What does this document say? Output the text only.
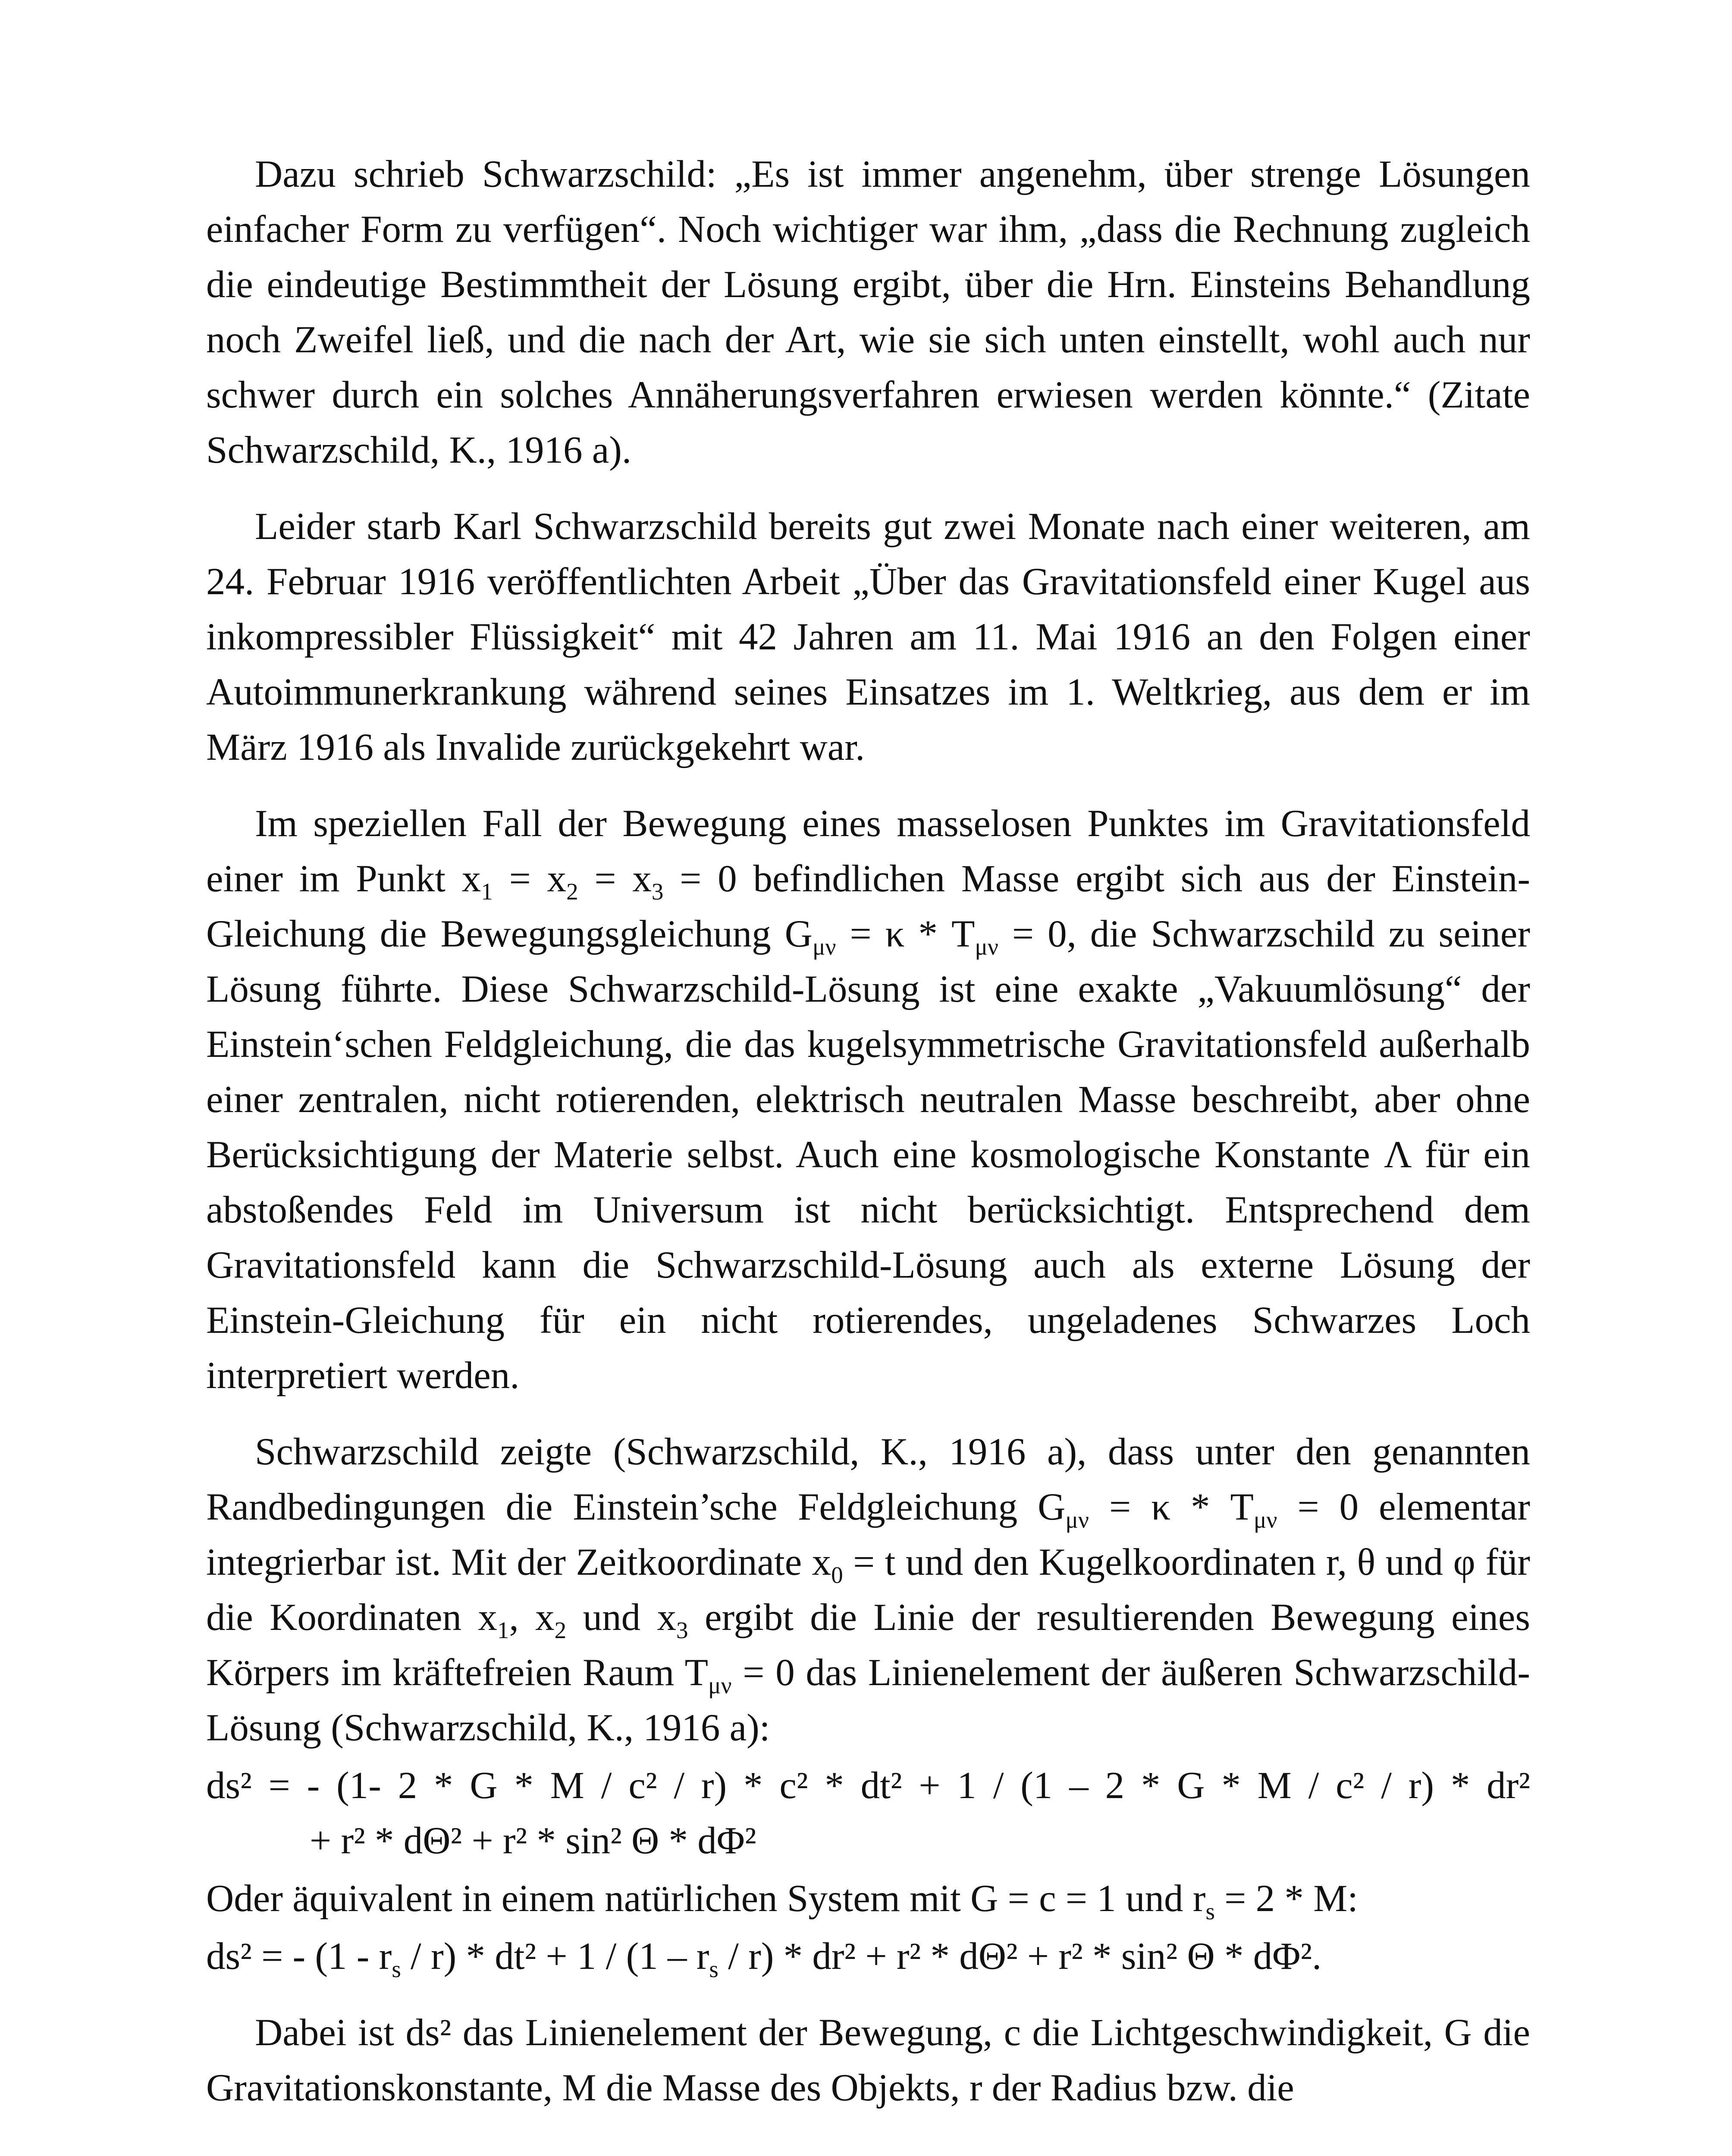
Dazu schrieb Schwarzschild: „Es ist immer angenehm, über strenge Lösungen einfacher Form zu verfügen“. Noch wichtiger war ihm, „dass die Rechnung zugleich die eindeutige Bestimmtheit der Lösung ergibt, über die Hrn. Einsteins Behandlung noch Zweifel ließ, und die nach der Art, wie sie sich unten einstellt, wohl auch nur schwer durch ein solches Annäherungsverfahren erwiesen werden könnte.“ (Zitate Schwarzschild, K., 1916 a).

Leider starb Karl Schwarzschild bereits gut zwei Monate nach einer weiteren, am 24. Februar 1916 veröffentlichten Arbeit „Über das Gravitationsfeld einer Kugel aus inkompressibler Flüssigkeit“ mit 42 Jahren am 11. Mai 1916 an den Folgen einer Autoimmunerkrankung während seines Einsatzes im 1. Weltkrieg, aus dem er im März 1916 als Invalide zurückgekehrt war.

Im speziellen Fall der Bewegung eines masselosen Punktes im Gravitationsfeld einer im Punkt $x_1 = x_2 = x_3 = 0$ befindlichen Masse ergibt sich aus der Einstein-Gleichung die Bewegungsgleichung $G_{\mu\nu} = \kappa * T_{\mu\nu} = 0$, die Schwarzschild zu seiner Lösung führte. Diese Schwarzschild-Lösung ist eine exakte „Vakuumlösung“ der Einstein‘schen Feldgleichung, die das kugelsymmetrische Gravitationsfeld außerhalb einer zentralen, nicht rotierenden, elektrisch neutralen Masse beschreibt, aber ohne Berücksichtigung der Materie selbst. Auch eine kosmologische Konstante Λ für ein abstoßendes Feld im Universum ist nicht berücksichtigt. Entsprechend dem Gravitationsfeld kann die Schwarzschild-Lösung auch als externe Lösung der Einstein-Gleichung für ein nicht rotierendes, ungeladenes Schwarzes Loch interpretiert werden.

Schwarzschild zeigte (Schwarzschild, K., 1916 a), dass unter den genannten Randbedingungen die Einstein’sche Feldgleichung $G_{\mu\nu} = \kappa * T_{\mu\nu} = 0$ elementar integrierbar ist. Mit der Zeitkoordinate $x_0 = t$ und den Kugelkoordinaten r, θ und φ für die Koordinaten $x_1$, $x_2$ und $x_3$ ergibt die Linie der resultierenden Bewegung eines Körpers im kräftefreien Raum $T_{\mu\nu} = 0$ das Linienelement der äußeren Schwarzschild-Lösung (Schwarzschild, K., 1916 a):

ds² = - (1- 2 * G * M / c² / r) * c² * dt² + 1 / (1 – 2 * G * M / c² / r) * dr²
+ r² * dΘ² + r² * sin² Θ * dΦ²

Oder äquivalent in einem natürlichen System mit G = c = 1 und $r_s = 2 * M$:

ds² = - $(1 - r_s / r) * dt^2 + 1 / (1 - r_s / r) * dr^2 + r^2 * d\Theta^2 + r^2 * \sin^2$ Θ * dΦ².

Dabei ist ds² das Linienelement der Bewegung, c die Lichtgeschwindigkeit, G die Gravitationskonstante, M die Masse des Objekts, r der Radius bzw. die
